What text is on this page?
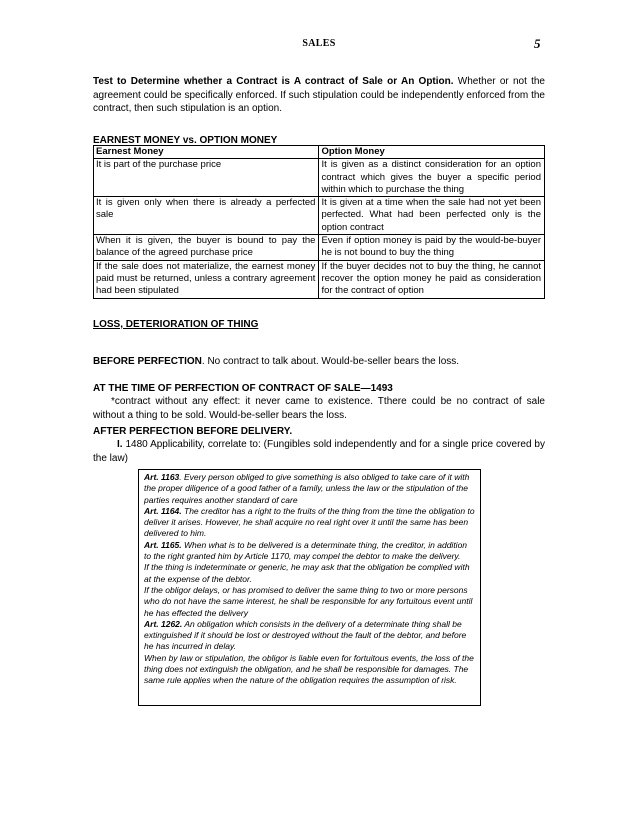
SALES	5
Test to Determine whether a Contract is A contract of Sale or An Option. Whether or not the agreement could be specifically enforced. If such stipulation could be independently enforced from the contract, then such stipulation is an option.
EARNEST MONEY vs. OPTION MONEY
Earnest Money	Option Money
It is part of the purchase price	It is given as a distinct consideration for an option contract which gives the buyer a specific period within which to purchase the thing
It is given only when there is already a perfected sale	It is given at a time when the sale had not yet been perfected. What had been perfected only is the option contract
When it is given, the buyer is bound to pay the balance of the agreed purchase price	Even if option money is paid by the would-be-buyer he is not bound to buy the thing
If the sale does not materialize, the earnest money paid must be returned, unless a contrary agreement had been stipulated	If the buyer decides not to buy the thing, he cannot recover the option money he paid as consideration for the contract of option
LOSS, DETERIORATION OF THING
BEFORE PERFECTION. No contract to talk about. Would-be-seller bears the loss.
AT THE TIME OF PERFECTION OF CONTRACT OF SALE—1493
*contract without any effect: it never came to existence. Tthere could be no contract of sale without a thing to be sold. Would-be-seller bears the loss.
AFTER PERFECTION BEFORE DELIVERY.
I. 1480 Applicability, correlate to: (Fungibles sold independently and for a single price covered by the law)

Art. 1163. Every person obliged to give something is also obliged to take care of it with the proper diligence of a good father of a family, unless the law or the stipulation of the parties requires another standard of care

Art. 1164. The creditor has a right to the fruits of the thing from the time the obligation to deliver it arises. However, he shall acquire no real right over it until the same has been delivered to him.

Art. 1165. When what is to be delivered is a determinate thing, the creditor, in addition to the right granted him by Article 1170, may compel the debtor to make the delivery.

If the thing is indeterminate or generic, he may ask that the obligation be complied with at the expense of the debtor.

If the obligor delays, or has promised to deliver the same thing to two or more persons who do not have the same interest, he shall be responsible for any fortuitous event until he has effected the delivery

Art. 1262. An obligation which consists in the delivery of a determinate thing shall be extinguished if it should be lost or destroyed without the fault of the debtor, and before he has incurred in delay.

When by law or stipulation, the obligor is liable even for fortuitous events, the loss of the thing does not extinguish the obligation, and he shall be responsible for damages. The same rule applies when the nature of the obligation requires the assumption of risk.
